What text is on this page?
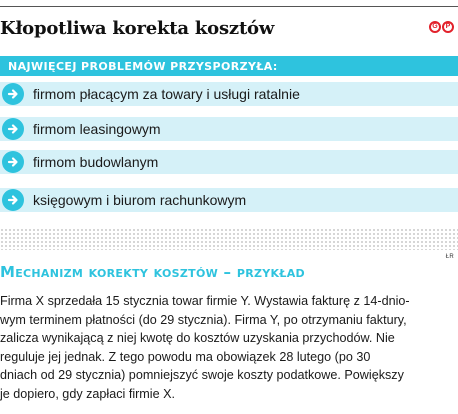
Kłopotliwa korekta kosztów	G	P
NAJWIĘCEJ PROBLEMÓW PRZYSPORZYŁA:
firmom płacącym za towary i usługi ratalnie
firmom leasingowym
firmom budowlanym
księgowym i biurom rachunkowym
ŁR
Mechanizm korekty kosztów – przykład
Firma X sprzedała 15 stycznia towar firmie Y. Wystawia fakturę z 14-dnio-
wym terminem płatności (do 29 stycznia). Firma Y, po otrzymaniu faktury,
zalicza wynikającą z niej kwotę do kosztów uzyskania przychodów. Nie
reguluje jej jednak. Z tego powodu ma obowiązek 28 lutego (po 30
dniach od 29 stycznia) pomniejszyć swoje koszty podatkowe. Powiększy
je dopiero, gdy zapłaci firmie X.
